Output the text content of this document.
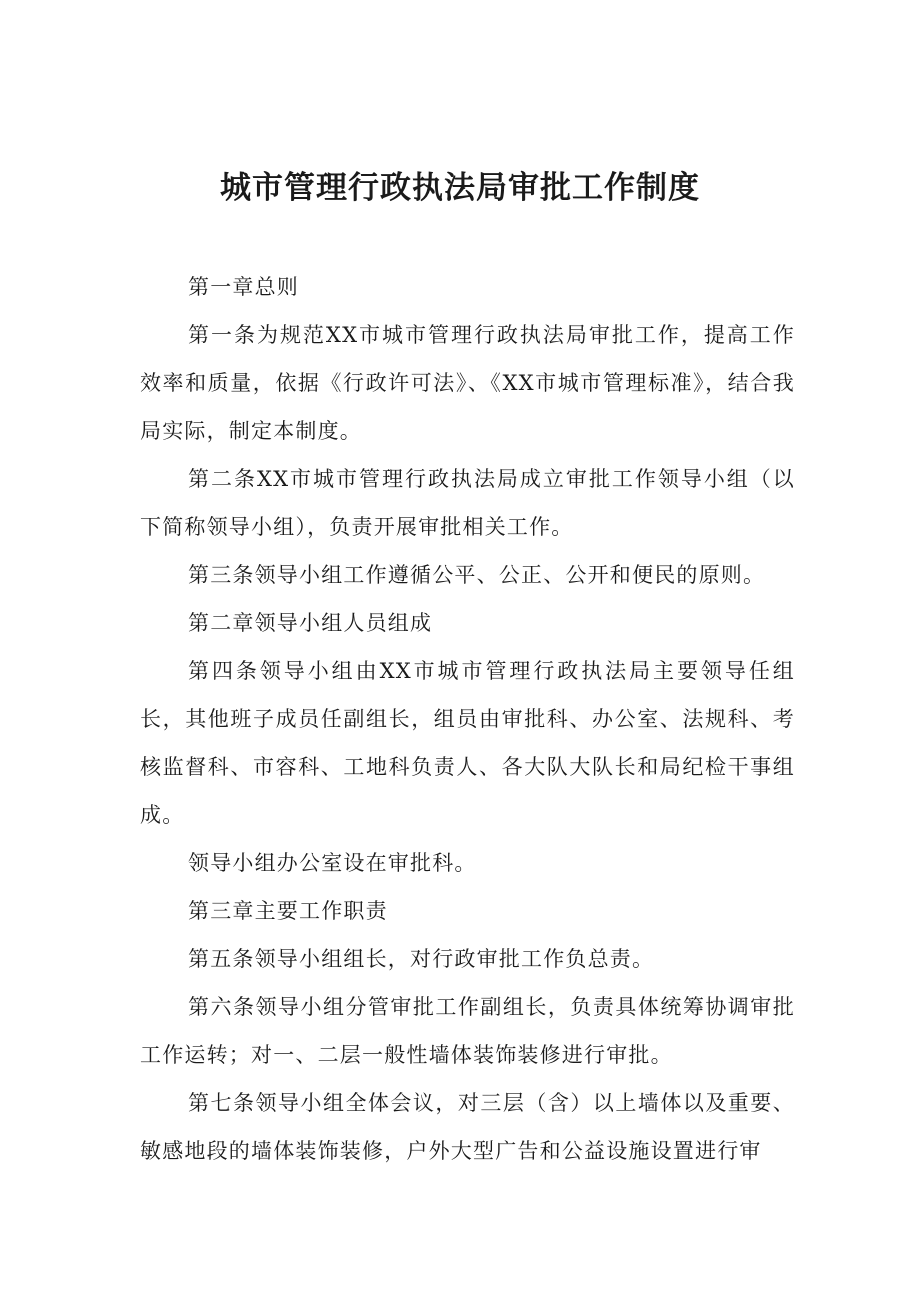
城市管理行政执法局审批工作制度

第一章总则

第一条为规范XX市城市管理行政执法局审批工作，提高工作效率和质量，依据《行政许可法》、《XX市城市管理标准》，结合我局实际，制定本制度。

第二条XX市城市管理行政执法局成立审批工作领导小组（以下简称领导小组），负责开展审批相关工作。

第三条领导小组工作遵循公平、公正、公开和便民的原则。

第二章领导小组人员组成

第四条领导小组由XX市城市管理行政执法局主要领导任组长，其他班子成员任副组长，组员由审批科、办公室、法规科、考核监督科、市容科、工地科负责人、各大队大队长和局纪检干事组成。

领导小组办公室设在审批科。

第三章主要工作职责

第五条领导小组组长，对行政审批工作负总责。

第六条领导小组分管审批工作副组长，负责具体统筹协调审批工作运转；对一、二层一般性墙体装饰装修进行审批。

第七条领导小组全体会议，对三层（含）以上墙体以及重要、敏感地段的墙体装饰装修，户外大型广告和公益设施设置进行审
